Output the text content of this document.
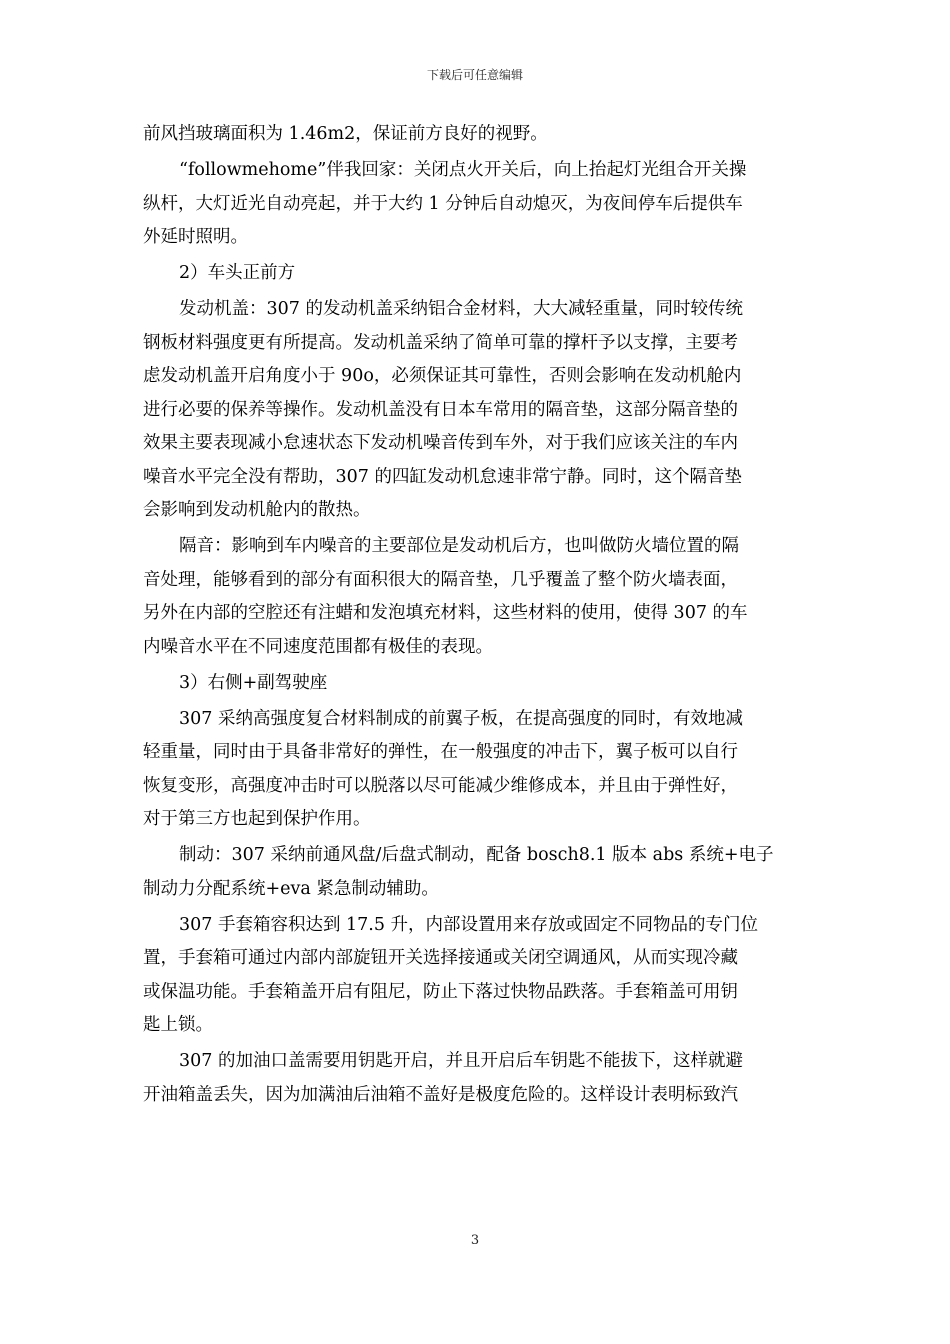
下载后可任意编辑
前风挡玻璃面积为 1.46m2，保证前方良好的视野。
“followmehome”伴我回家：关闭点火开关后，向上抬起灯光组合开关操
纵杆，大灯近光自动亮起，并于大约 1 分钟后自动熄灭，为夜间停车后提供车
外延时照明。
2）车头正前方
发动机盖：307 的发动机盖采纳铝合金材料，大大减轻重量，同时较传统
钢板材料强度更有所提高。发动机盖采纳了简单可靠的撑杆予以支撑，主要考
虑发动机盖开启角度小于 90o，必须保证其可靠性，否则会影响在发动机舱内
进行必要的保养等操作。发动机盖没有日本车常用的隔音垫，这部分隔音垫的
效果主要表现减小怠速状态下发动机噪音传到车外，对于我们应该关注的车内
噪音水平完全没有帮助，307 的四缸发动机怠速非常宁静。同时，这个隔音垫
会影响到发动机舱内的散热。
隔音：影响到车内噪音的主要部位是发动机后方，也叫做防火墙位置的隔
音处理，能够看到的部分有面积很大的隔音垫，几乎覆盖了整个防火墙表面，
另外在内部的空腔还有注蜡和发泡填充材料，这些材料的使用，使得 307 的车
内噪音水平在不同速度范围都有极佳的表现。
3）右侧+副驾驶座
307 采纳高强度复合材料制成的前翼子板，在提高强度的同时，有效地减
轻重量，同时由于具备非常好的弹性，在一般强度的冲击下，翼子板可以自行
恢复变形，高强度冲击时可以脱落以尽可能减少维修成本，并且由于弹性好，
对于第三方也起到保护作用。
制动：307 采纳前通风盘/后盘式制动，配备 bosch8.1 版本 abs 系统+电子
制动力分配系统+eva 紧急制动辅助。
307 手套箱容积达到 17.5 升，内部设置用来存放或固定不同物品的专门位
置，手套箱可通过内部内部旋钮开关选择接通或关闭空调通风，从而实现冷藏
或保温功能。手套箱盖开启有阻尼，防止下落过快物品跌落。手套箱盖可用钥
匙上锁。
307 的加油口盖需要用钥匙开启，并且开启后车钥匙不能拔下，这样就避
开油箱盖丢失，因为加满油后油箱不盖好是极度危险的。这样设计表明标致汽
3
